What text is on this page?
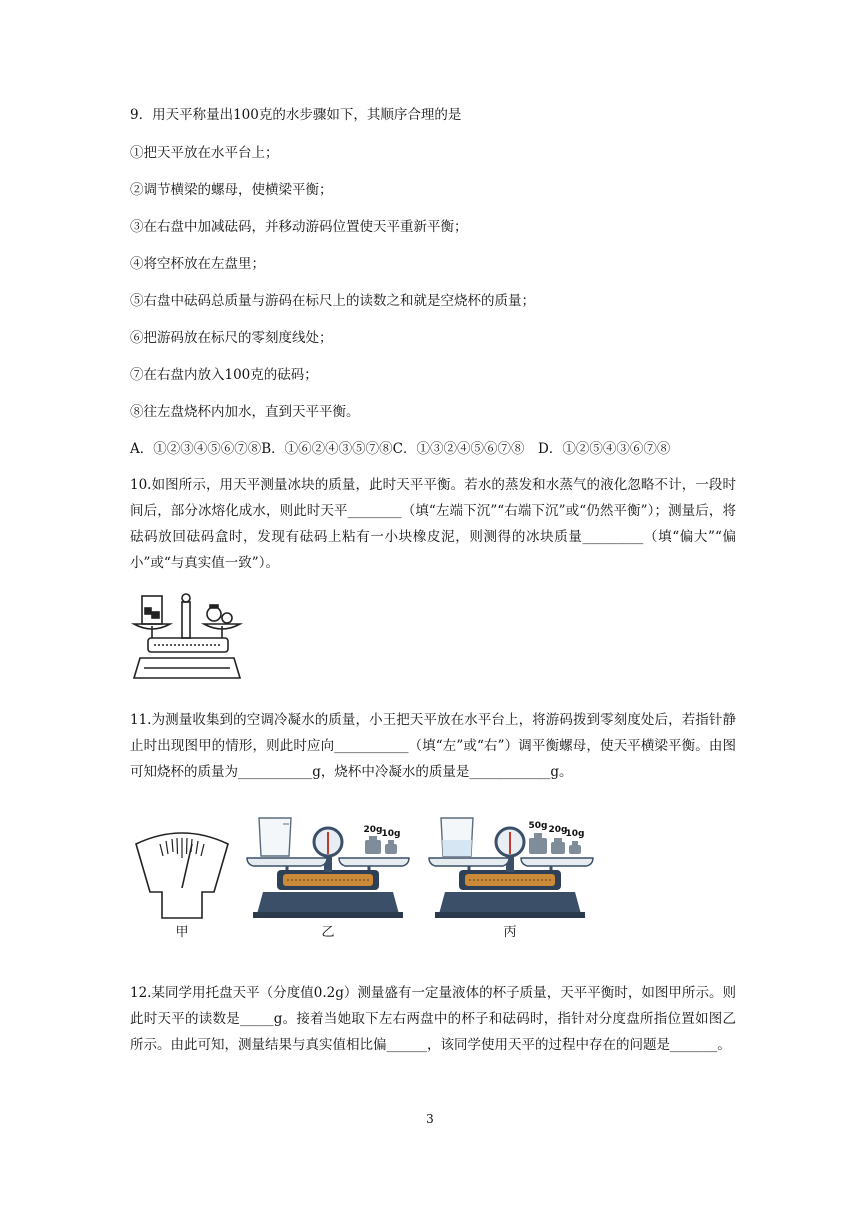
9．用天平称量出100克的水步骤如下，其顺序合理的是
①把天平放在水平台上；
②调节横梁的螺母，使横梁平衡；
③在右盘中加减砝码，并移动游码位置使天平重新平衡；
④将空杯放在左盘里；
⑤右盘中砝码总质量与游码在标尺上的读数之和就是空烧杯的质量；
⑥把游码放在标尺的零刻度线处；
⑦在右盘内放入100克的砝码；
⑧往左盘烧杯内加水，直到天平平衡。
A．①②③④⑤⑥⑦⑧B．①⑥②④③⑤⑦⑧C．①③②④⑤⑥⑦⑧　D．①②⑤④③⑥⑦⑧
10.如图所示，用天平测量冰块的质量，此时天平平衡。若水的蒸发和水蒸气的液化忽略不计，一段时间后，部分冰熔化成水，则此时天平________（填“左端下沉”“右端下沉”或“仍然平衡”）；测量后，将砝码放回砝码盒时，发现有砝码上粘有一小块橡皮泥，则测得的冰块质量_________（填“偏大”“偏小”或“与真实值一致”）。
11.为测量收集到的空调冷凝水的质量，小王把天平放在水平台上，将游码拨到零刻度处后，若指针静止时出现图甲的情形，则此时应向___________（填“左”或“右”）调平衡螺母，使天平横梁平衡。由图可知烧杯的质量为___________g，烧杯中冷凝水的质量是____________g。
甲
20g 10g
乙
50g 20g
10g
丙
12.某同学用托盘天平（分度值0.2g）测量盛有一定量液体的杯子质量，天平平衡时，如图甲所示。则此时天平的读数是_____g。接着当她取下左右两盘中的杯子和砝码时，指针对分度盘所指位置如图乙所示。由此可知，测量结果与真实值相比偏______，该同学使用天平的过程中存在的问题是_______。
3
